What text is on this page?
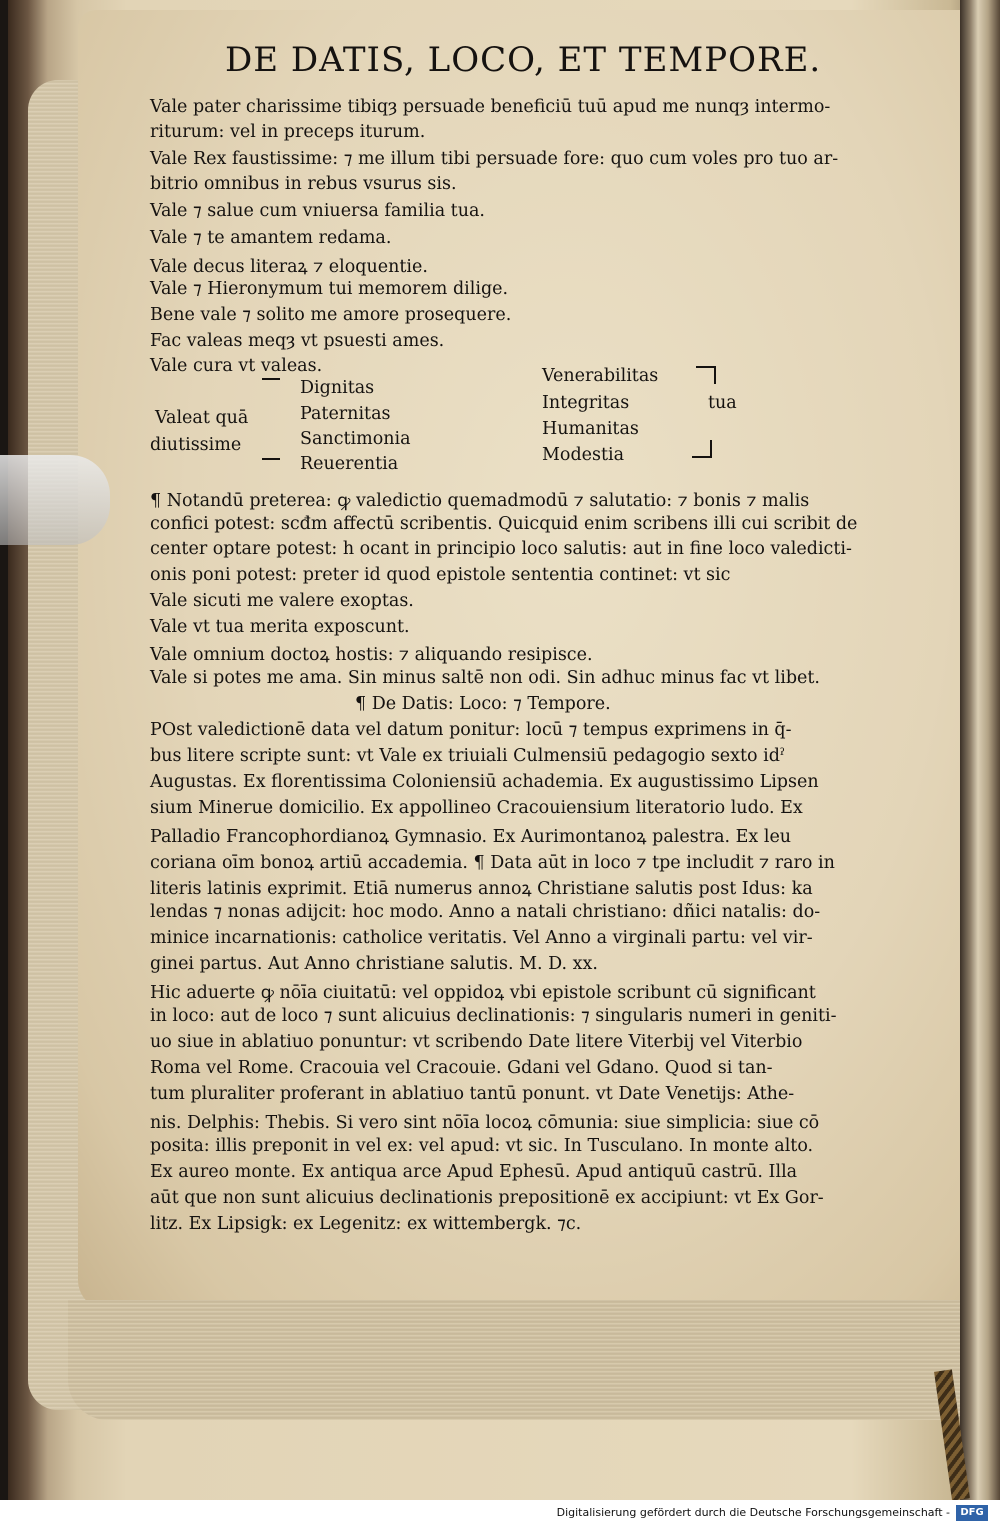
DE DATIS, LOCO, ET TEMPORE.
Vale pater charissime tibiqȝ persuade beneficiū tuū apud me nunqȝ intermo-
riturum: vel in preceps iturum.
Vale Rex faustissime: ⁊ me illum tibi persuade fore: quo cum voles pro tuo ar-
bitrio omnibus in rebus vsurus sis.
Vale ⁊ salue cum vniuersa familia tua.
Vale ⁊ te amantem redama.
Vale decus literaꝝ ⁊ eloquentie.
Vale ⁊ Hieronymum tui memorem dilige.
Bene vale ⁊ solito me amore prosequere.
Fac valeas meqȝ vt psuesti ames.
Vale cura vt valeas.
Valeat quā
diutissime
Dignitas
Paternitas
Sanctimonia
Reuerentia
Venerabilitas
Integritas
Humanitas
Modestia
tua
¶ Notandū preterea: ꝙ valedictio quemadmodū ⁊ salutatio: ⁊ bonis ⁊ malis
confici potest: scđm affectū scribentis. Quicquid enim scribens illi cui scribit de
center optare potest: h ocant in principio loco salutis: aut in fine loco valedicti-
onis poni potest: preter id quod epistole sententia continet: vt sic
Vale sicuti me valere exoptas.
Vale vt tua merita exposcunt.
Vale omnium doctoꝝ hostis: ⁊ aliquando resipisce.
Vale si potes me ama. Sin minus saltē non odi. Sin adhuc minus fac vt libet.
¶ De Datis: Loco: ⁊ Tempore.
POst valedictionē data vel datum ponitur: locū ⁊ tempus exprimens in q̄-
bus litere scripte sunt: vt Vale ex triuiali Culmensiū pedagogio sexto idˀ
Augustas. Ex florentissima Coloniensiū achademia. Ex augustissimo Lipsen
sium Minerue domicilio. Ex appollineo Cracouiensium literatorio ludo. Ex
Palladio Francophordianoꝝ Gymnasio. Ex Aurimontanoꝝ palestra. Ex leu
coriana oīm bonoꝝ artiū accademia. ¶ Data aūt in loco ⁊ tpe includit ⁊ raro in
literis latinis exprimit. Etiā numerus annoꝝ Christiane salutis post Idus: ka
lendas ⁊ nonas adijcit: hoc modo. Anno a natali christiano: dñici natalis: do-
minice incarnationis: catholice veritatis. Vel Anno a virginali partu: vel vir-
ginei partus. Aut Anno christiane salutis. M. D. xx.
Hic aduerte ꝙ nōīa ciuitatū: vel oppidoꝝ vbi epistole scribunt cū significant
in loco: aut de loco ⁊ sunt alicuius declinationis: ⁊ singularis numeri in geniti-
uo siue in ablatiuo ponuntur: vt scribendo Date litere Viterbij vel Viterbio
Roma vel Rome. Cracouia vel Cracouie. Gdani vel Gdano. Quod si tan-
tum pluraliter proferant in ablatiuo tantū ponunt. vt Date Venetijs: Athe-
nis. Delphis: Thebis. Si vero sint nōīa locoꝝ cōmunia: siue simplicia: siue cō
posita: illis preponit in vel ex: vel apud: vt sic. In Tusculano. In monte alto.
Ex aureo monte. Ex antiqua arce Apud Ephesū. Apud antiquū castrū. Illa
aūt que non sunt alicuius declinationis prepositionē ex accipiunt: vt Ex Gor-
litz. Ex Lipsigk: ex Legenitz: ex wittembergk. ⁊c.
Digitalisierung gefördert durch die Deutsche Forschungsgemeinschaft -	DFG
